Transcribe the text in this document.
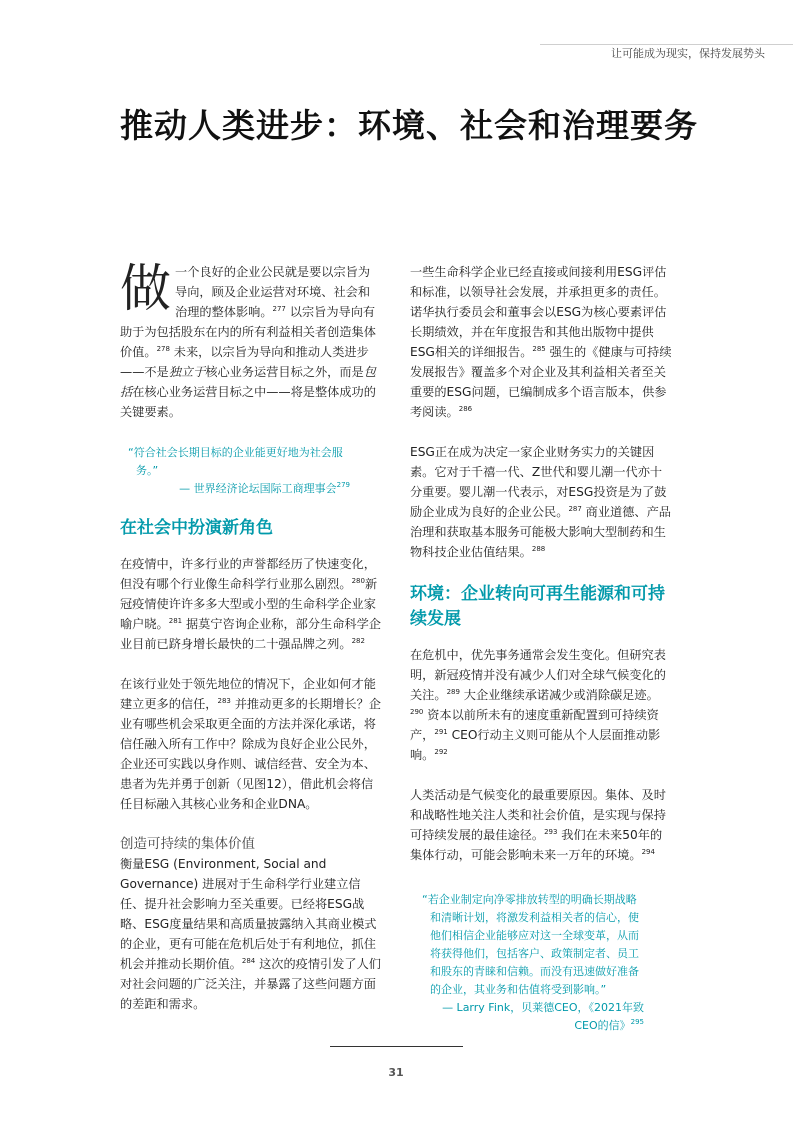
让可能成为现实，保持发展势头
推动人类进步：环境、社会和治理要务

做一个良好的企业公民就是要以宗旨为导向，顾及企业运营对环境、社会和治理的整体影响。$^{277}$ 以宗旨为导向有助于为包括股东在内的所有利益相关者创造集体价值。$^{278}$ 未来，以宗旨为导向和推动人类进步——不是独立于核心业务运营目标之外，而是包括在核心业务运营目标之中——将是整体成功的关键要素。

“符合社会长期目标的企业能更好地为社会服务。”

— 世界经济论坛国际工商理事会$^{279}$

在社会中扮演新角色

在疫情中，许多行业的声誉都经历了快速变化，但没有哪个行业像生命科学行业那么剧烈。$^{280}$新冠疫情使许许多多大型或小型的生命科学企业家喻户晓。$^{281}$ 据莫宁咨询企业称，部分生命科学企业目前已跻身增长最快的二十强品牌之列。$^{282}$

在该行业处于领先地位的情况下，企业如何才能建立更多的信任，$^{283}$ 并推动更多的长期增长？企业有哪些机会采取更全面的方法并深化承诺，将信任融入所有工作中？除成为良好企业公民外，企业还可实践以身作则、诚信经营、安全为本、患者为先并勇于创新（见图12），借此机会将信任目标融入其核心业务和企业DNA。

创造可持续的集体价值

衡量ESG (Environment, Social and Governance) 进展对于生命科学行业建立信任、提升社会影响力至关重要。已经将ESG战略、ESG度量结果和高质量披露纳入其商业模式的企业，更有可能在危机后处于有利地位，抓住机会并推动长期价值。$^{284}$ 这次的疫情引发了人们对社会问题的广泛关注，并暴露了这些问题方面的差距和需求。

一些生命科学企业已经直接或间接利用ESG评估和标准，以领导社会发展，并承担更多的责任。诺华执行委员会和董事会以ESG为核心要素评估长期绩效，并在年度报告和其他出版物中提供ESG相关的详细报告。$^{285}$ 强生的《健康与可持续发展报告》覆盖多个对企业及其利益相关者至关重要的ESG问题，已编制成多个语言版本，供参考阅读。$^{286}$

ESG正在成为决定一家企业财务实力的关键因素。它对于千禧一代、Z世代和婴儿潮一代亦十分重要。婴儿潮一代表示，对ESG投资是为了鼓励企业成为良好的企业公民。$^{287}$ 商业道德、产品治理和获取基本服务可能极大影响大型制药和生物科技企业估值结果。$^{288}$

环境：企业转向可再生能源和可持续发展

在危机中，优先事务通常会发生变化。但研究表明，新冠疫情并没有减少人们对全球气候变化的关注。$^{289}$ 大企业继续承诺减少或消除碳足迹。$^{290}$ 资本以前所未有的速度重新配置到可持续资产，$^{291}$ CEO行动主义则可能从个人层面推动影响。$^{292}$

人类活动是气候变化的最重要原因。集体、及时和战略性地关注人类和社会价值，是实现与保持可持续发展的最佳途径。$^{293}$ 我们在未来50年的集体行动，可能会影响未来一万年的环境。$^{294}$

“若企业制定向净零排放转型的明确长期战略和清晰计划，将激发利益相关者的信心，使他们相信企业能够应对这一全球变革，从而将获得他们，包括客户、政策制定者、员工和股东的青睐和信赖。而没有迅速做好准备的企业，其业务和估值将受到影响。”

— Larry Fink，贝莱德CEO，《2021年致CEO的信》$^{295}$

31
